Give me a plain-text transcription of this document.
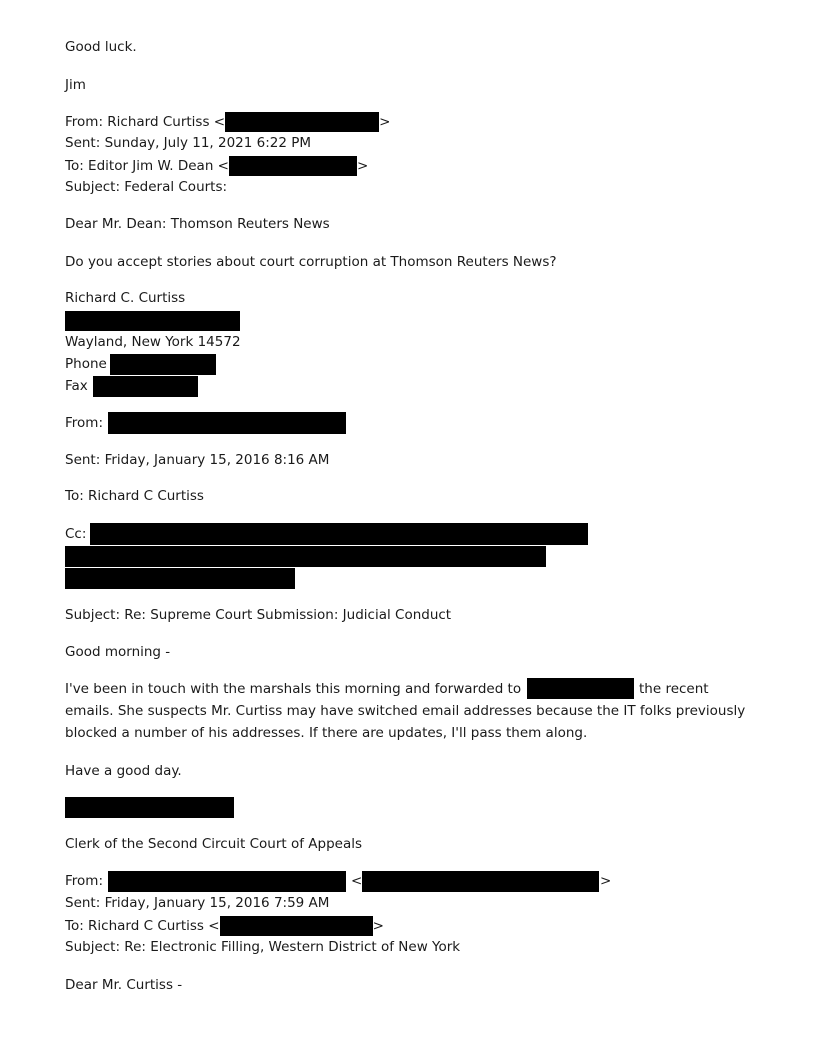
Good luck.
Jim
From: Richard Curtiss <	>
Sent: Sunday, July 11, 2021 6:22 PM
To: Editor Jim W. Dean <	>
Subject: Federal Courts:
Dear Mr. Dean: Thomson Reuters News
Do you accept stories about court corruption at Thomson Reuters News?
Richard C. Curtiss
Wayland, New York 14572
Phone
Fax
From:
Sent: Friday, January 15, 2016 8:16 AM
To: Richard C Curtiss
Cc:
Subject: Re: Supreme Court Submission: Judicial Conduct
Good morning -
I've been in touch with the marshals this morning and forwarded to	the recent
emails. She suspects Mr. Curtiss may have switched email addresses because the IT folks previously
blocked a number of his addresses. If there are updates, I'll pass them along.
Have a good day.
Clerk of the Second Circuit Court of Appeals
From:	<	>
Sent: Friday, January 15, 2016 7:59 AM
To: Richard C Curtiss <	>
Subject: Re: Electronic Filling, Western District of New York
Dear Mr. Curtiss -
